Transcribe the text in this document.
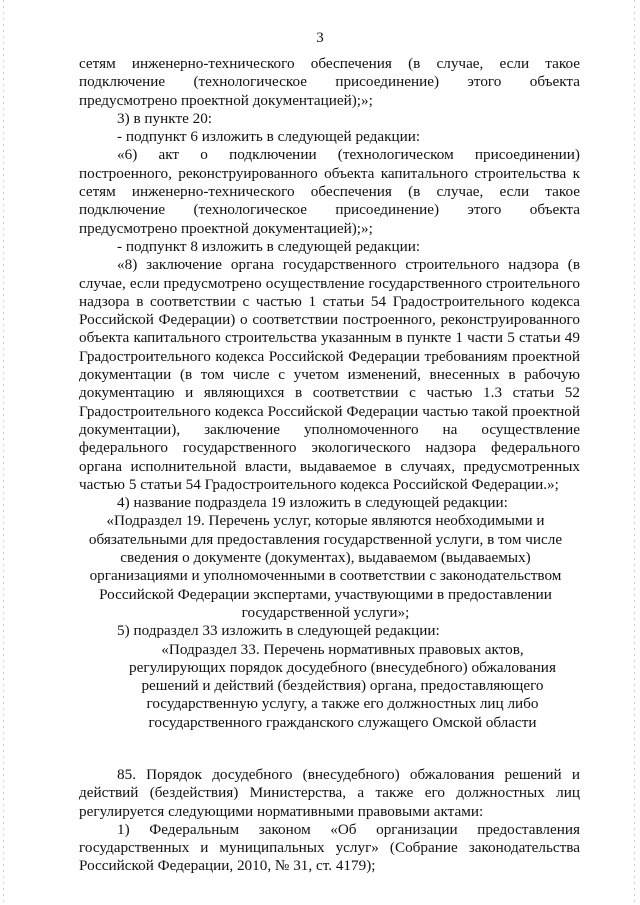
3

сетям инженерно-технического обеспечения (в случае, если такое подключение (технологическое присоединение) этого объекта предусмотрено проектной документацией);»;

3) в пункте 20:

- подпункт 6 изложить в следующей редакции:

«6) акт о подключении (технологическом присоединении) построенного, реконструированного объекта капитального строительства к сетям инженерно-технического обеспечения (в случае, если такое подключение (технологическое присоединение) этого объекта предусмотрено проектной документацией);»;

- подпункт 8 изложить в следующей редакции:

«8) заключение органа государственного строительного надзора (в случае, если предусмотрено осуществление государственного строительного надзора в соответствии с частью 1 статьи 54 Градостроительного кодекса Российской Федерации) о соответствии построенного, реконструированного объекта капитального строительства указанным в пункте 1 части 5 статьи 49 Градостроительного кодекса Российской Федерации требованиям проектной документации (в том числе с учетом изменений, внесенных в рабочую документацию и являющихся в соответствии с частью 1.3 статьи 52 Градостроительного кодекса Российской Федерации частью такой проектной документации), заключение уполномоченного на осуществление федерального государственного экологического надзора федерального органа исполнительной власти, выдаваемое в случаях, предусмотренных частью 5 статьи 54 Градостроительного кодекса Российской Федерации.»;

4) название подраздела 19 изложить в следующей редакции:

«Подраздел 19. Перечень услуг, которые являются необходимыми и обязательными для предоставления государственной услуги, в том числе сведения о документе (документах), выдаваемом (выдаваемых) организациями и уполномоченными в соответствии с законодательством Российской Федерации экспертами, участвующими в предоставлении государственной услуги»;

5) подраздел 33 изложить в следующей редакции:

«Подраздел 33. Перечень нормативных правовых актов, регулирующих порядок досудебного (внесудебного) обжалования решений и действий (бездействия) органа, предоставляющего государственную услугу, а также его должностных лиц либо государственного гражданского служащего Омской области

85. Порядок досудебного (внесудебного) обжалования решений и действий (бездействия) Министерства, а также его должностных лиц регулируется следующими нормативными правовыми актами:

1) Федеральным законом «Об организации предоставления государственных и муниципальных услуг» (Собрание законодательства Российской Федерации, 2010, № 31, ст. 4179);
